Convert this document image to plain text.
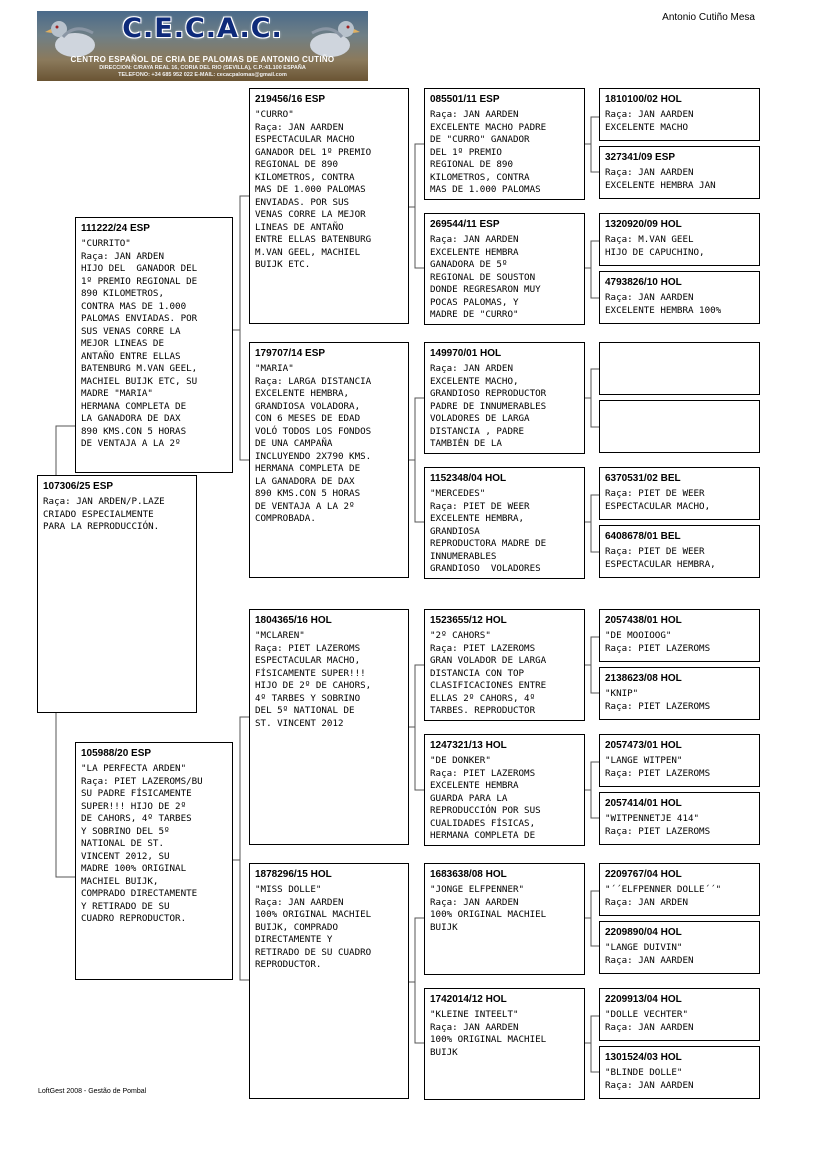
C.E.C.A.C.
CENTRO ESPAÑOL DE CRIA DE PALOMAS DE ANTONIO CUTIÑO
DIRECCION: C/RAYA REAL 16, CORIA DEL RIO (SEVILLA), C.P.:41.100 ESPAÑA
TELEFONO: +34 685 952 022 E-MAIL: cecacpalomas@gmail.com
Antonio Cutiño Mesa
107306/25 ESP
Raça: JAN ARDEN/P.LAZE
CRIADO ESPECIALMENTE
PARA LA REPRODUCCIÓN.
111222/24 ESP
"CURRITO"
Raça: JAN ARDEN
HIJO DEL  GANADOR DEL
1º PREMIO REGIONAL DE
890 KILOMETROS,
CONTRA MAS DE 1.000
PALOMAS ENVIADAS. POR
SUS VENAS CORRE LA
MEJOR LINEAS DE
ANTAÑO ENTRE ELLAS
BATENBURG M.VAN GEEL,
MACHIEL BUIJK ETC, SU
MADRE "MARIA"
HERMANA COMPLETA DE
LA GANADORA DE DAX
890 KMS.CON 5 HORAS
DE VENTAJA A LA 2º
105988/20 ESP
"LA PERFECTA ARDEN"
Raça: PIET LAZEROMS/BU
SU PADRE FÍSICAMENTE
SUPER!!! HIJO DE 2º
DE CAHORS, 4º TARBES
Y SOBRINO DEL 5º
NATIONAL DE ST.
VINCENT 2012, SU
MADRE 100% ORIGINAL
MACHIEL BUIJK,
COMPRADO DIRECTAMENTE
Y RETIRADO DE SU
CUADRO REPRODUCTOR.
219456/16 ESP
"CURRO"
Raça: JAN AARDEN
ESPECTACULAR MACHO
GANADOR DEL 1º PREMIO
REGIONAL DE 890
KILOMETROS, CONTRA
MAS DE 1.000 PALOMAS
ENVIADAS. POR SUS
VENAS CORRE LA MEJOR
LINEAS DE ANTAÑO
ENTRE ELLAS BATENBURG
M.VAN GEEL, MACHIEL
BUIJK ETC.
179707/14 ESP
"MARIA"
Raça: LARGA DISTANCIA
EXCELENTE HEMBRA,
GRANDIOSA VOLADORA,
CON 6 MESES DE EDAD
VOLÓ TODOS LOS FONDOS
DE UNA CAMPAÑA
INCLUYENDO 2X790 KMS.
HERMANA COMPLETA DE
LA GANADORA DE DAX
890 KMS.CON 5 HORAS
DE VENTAJA A LA 2º
COMPROBADA.
1804365/16 HOL
"MCLAREN"
Raça: PIET LAZEROMS
ESPECTACULAR MACHO,
FÍSICAMENTE SUPER!!!
HIJO DE 2º DE CAHORS,
4º TARBES Y SOBRINO
DEL 5º NATIONAL DE
ST. VINCENT 2012
1878296/15 HOL
"MISS DOLLE"
Raça: JAN AARDEN
100% ORIGINAL MACHIEL
BUIJK, COMPRADO
DIRECTAMENTE Y
RETIRADO DE SU CUADRO
REPRODUCTOR.
085501/11 ESP
Raça: JAN AARDEN
EXCELENTE MACHO PADRE
DE "CURRO" GANADOR
DEL 1º PREMIO
REGIONAL DE 890
KILOMETROS, CONTRA
MAS DE 1.000 PALOMAS
269544/11 ESP
Raça: JAN AARDEN
EXCELENTE HEMBRA
GANADORA DE 5º
REGIONAL DE SOUSTON
DONDE REGRESARON MUY
POCAS PALOMAS, Y
MADRE DE "CURRO"
149970/01 HOL
Raça: JAN ARDEN
EXCELENTE MACHO,
GRANDIOSO REPRODUCTOR
PADRE DE INNUMERABLES
VOLADORES DE LARGA
DISTANCIA , PADRE
TAMBIÉN DE LA
1152348/04 HOL
"MERCEDES"
Raça: PIET DE WEER
EXCELENTE HEMBRA,
GRANDIOSA
REPRODUCTORA MADRE DE
INNUMERABLES
GRANDIOSO  VOLADORES
1523655/12 HOL
"2º CAHORS"
Raça: PIET LAZEROMS
GRAN VOLADOR DE LARGA
DISTANCIA CON TOP
CLASIFICACIONES ENTRE
ELLAS 2º CAHORS, 4º
TARBES. REPRODUCTOR
1247321/13 HOL
"DE DONKER"
Raça: PIET LAZEROMS
EXCELENTE HEMBRA
GUARDA PARA LA
REPRODUCCIÓN POR SUS
CUALIDADES FÍSICAS,
HERMANA COMPLETA DE
1683638/08 HOL
"JONGE ELFPENNER"
Raça: JAN AARDEN
100% ORIGINAL MACHIEL
BUIJK
1742014/12 HOL
"KLEINE INTEELT"
Raça: JAN AARDEN
100% ORIGINAL MACHIEL
BUIJK
1810100/02 HOL
Raça: JAN AARDEN
EXCELENTE MACHO
327341/09 ESP
Raça: JAN AARDEN
EXCELENTE HEMBRA JAN
1320920/09 HOL
Raça: M.VAN GEEL
HIJO DE CAPUCHINO,
4793826/10 HOL
Raça: JAN AARDEN
EXCELENTE HEMBRA 100%
6370531/02 BEL
Raça: PIET DE WEER
ESPECTACULAR MACHO,
6408678/01 BEL
Raça: PIET DE WEER
ESPECTACULAR HEMBRA,
2057438/01 HOL
"DE MOOIOOG"
Raça: PIET LAZEROMS
2138623/08 HOL
"KNIP"
Raça: PIET LAZEROMS
2057473/01 HOL
"LANGE WITPEN"
Raça: PIET LAZEROMS
2057414/01 HOL
"WITPENNETJE 414"
Raça: PIET LAZEROMS
2209767/04 HOL
"´´ELFPENNER DOLLE´´"
Raça: JAN ARDEN
2209890/04 HOL
"LANGE DUIVIN"
Raça: JAN AARDEN
2209913/04 HOL
"DOLLE VECHTER"
Raça: JAN AARDEN
1301524/03 HOL
"BLINDE DOLLE"
Raça: JAN AARDEN
LoftGest 2008 - Gestão de Pombal
